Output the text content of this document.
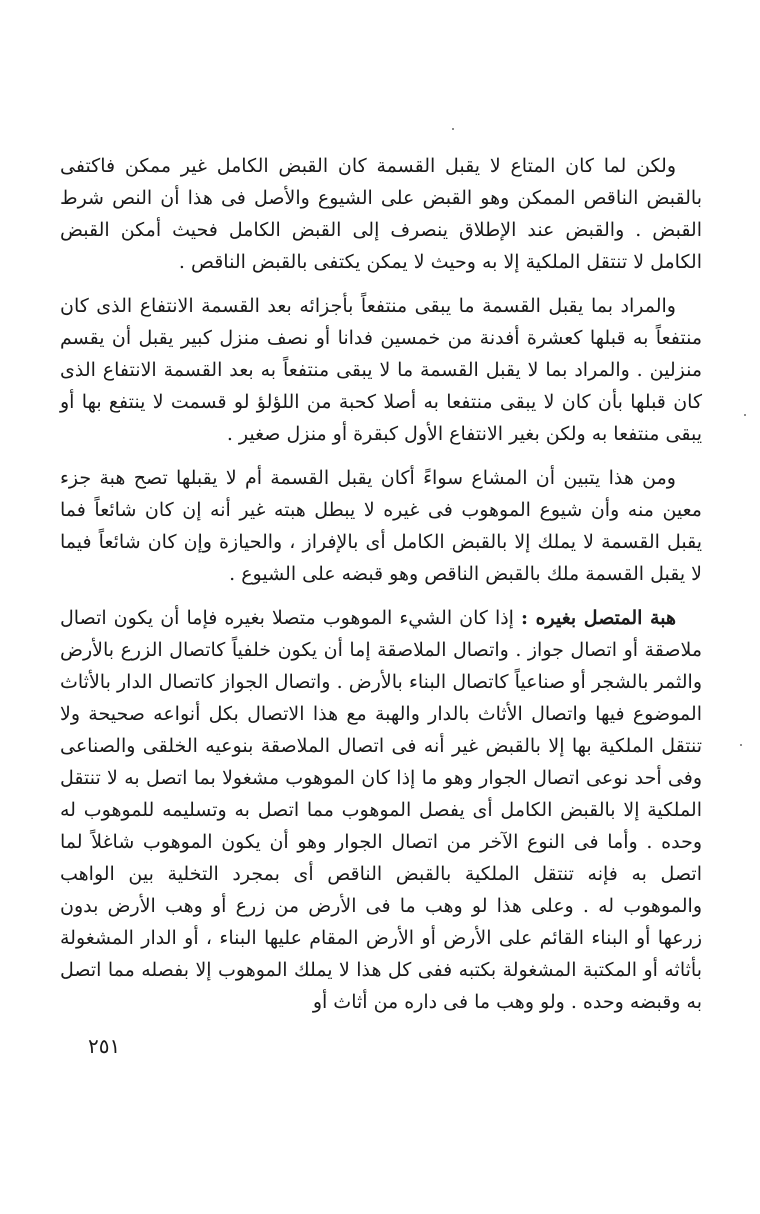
ولكن لما كان المتاع لا يقبل القسمة كان القبض الكامل غير ممكن فاكتفى بالقبض الناقص الممكن وهو القبض على الشيوع والأصل فى هذا أن النص شرط القبض . والقبض عند الإطلاق ينصرف إلى القبض الكامل فحيث أمكن القبض الكامل لا تنتقل الملكية إلا به وحيث لا يمكن يكتفى بالقبض الناقص .

والمراد بما يقبل القسمة ما يبقى منتفعاً بأجزائه بعد القسمة الانتفاع الذى كان منتفعاً به قبلها كعشرة أفدنة من خمسين فدانا أو نصف منزل كبير يقبل أن يقسم منزلين . والمراد بما لا يقبل القسمة ما لا يبقى منتفعاً به بعد القسمة الانتفاع الذى كان قبلها بأن كان لا يبقى منتفعا به أصلا كحبة من اللؤلؤ لو قسمت لا ينتفع بها أو يبقى منتفعا به ولكن بغير الانتفاع الأول كبقرة أو منزل صغير .

ومن هذا يتبين أن المشاع سواءً أكان يقبل القسمة أم لا يقبلها تصح هبة جزء معين منه وأن شيوع الموهوب فى غيره لا يبطل هبته غير أنه إن كان شائعاً فما يقبل القسمة لا يملك إلا بالقبض الكامل أى بالإفراز ، والحيازة وإن كان شائعاً فيما لا يقبل القسمة ملك بالقبض الناقص وهو قبضه على الشيوع .

هبة المتصل بغيره : إذا كان الشيء الموهوب متصلا بغيره فإما أن يكون اتصال ملاصقة أو اتصال جواز . واتصال الملاصقة إما أن يكون خلفياً كاتصال الزرع بالأرض والثمر بالشجر أو صناعياً كاتصال البناء بالأرض . واتصال الجواز كاتصال الدار بالأثاث الموضوع فيها واتصال الأثاث بالدار والهبة مع هذا الاتصال بكل أنواعه صحيحة ولا تنتقل الملكية بها إلا بالقبض غير أنه فى اتصال الملاصقة بنوعيه الخلقى والصناعى وفى أحد نوعى اتصال الجوار وهو ما إذا كان الموهوب مشغولا بما اتصل به لا تنتقل الملكية إلا بالقبض الكامل أى يفصل الموهوب مما اتصل به وتسليمه للموهوب له وحده . وأما فى النوع الآخر من اتصال الجوار وهو أن يكون الموهوب شاغلاً لما اتصل به فإنه تنتقل الملكية بالقبض الناقص أى بمجرد التخلية بين الواهب والموهوب له . وعلى هذا لو وهب ما فى الأرض من زرع أو وهب الأرض بدون زرعها أو البناء القائم على الأرض أو الأرض المقام عليها البناء ، أو الدار المشغولة بأثاثه أو المكتبة المشغولة بكتبه ففى كل هذا لا يملك الموهوب إلا بفصله مما اتصل به وقبضه وحده . ولو وهب ما فى داره من أثاث أو

٢٥١
